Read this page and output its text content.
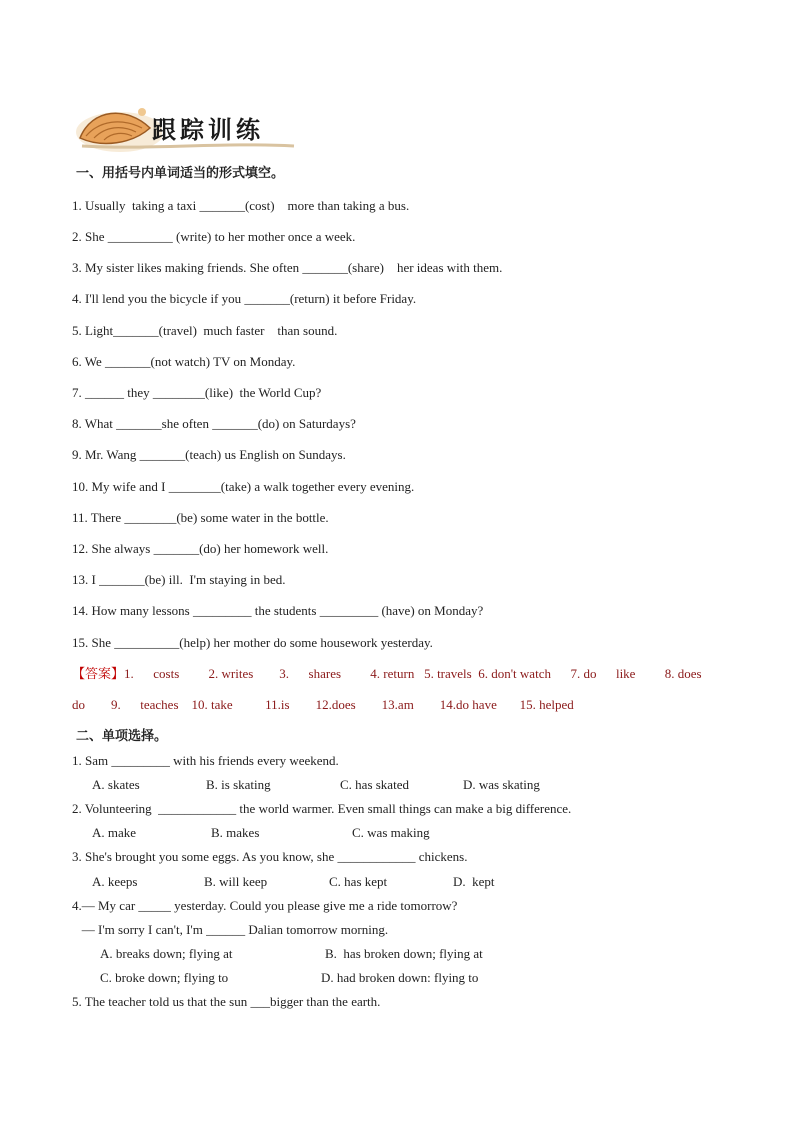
跟踪训练
一、用括号内单词适当的形式填空。
1. Usually  taking a taxi _______(cost)    more than taking a bus.
2. She __________ (write) to her mother once a week.
3. My sister likes making friends. She often _______(share)    her ideas with them.
4. I'll lend you the bicycle if you _______(return) it before Friday.
5. Light_______(travel)  much faster    than sound.
6. We _______(not watch) TV on Monday.
7. ______ they ________(like)  the World Cup?
8. What _______she often _______(do) on Saturdays?
9. Mr. Wang _______(teach) us English on Sundays.
10. My wife and I ________(take) a walk together every evening.
11. There ________(be) some water in the bottle.
12. She always _______(do) her homework well.
13. I _______(be) ill.  I'm staying in bed.
14. How many lessons _________ the students _________ (have) on Monday?
15. She __________(help) her mother do some housework yesterday.
【答案】1.      costs         2. writes        3.      shares         4. return   5. travels  6. don't watch      7. do      like         8. does
do        9.      teaches    10. take          11.is        12.does        13.am        14.do have       15. helped
二、单项选择。
1. Sam _________ with his friends every weekend.
A. skates	B. is skating	C. has skated	D. was skating
2. Volunteering  ____________ the world warmer. Even small things can make a big difference.
A. make	B. makes	C. was making
3. She's brought you some eggs. As you know, she ____________ chickens.
A. keeps	B. will keep	C. has kept	D.  kept
4.— My car _____ yesterday. Could you please give me a ride tomorrow?
— I'm sorry I can't, I'm ______ Dalian tomorrow morning.
A. breaks down; flying at	B.  has broken down; flying at
C. broke down; flying to	D. had broken down: flying to
5. The teacher told us that the sun ___bigger than the earth.
